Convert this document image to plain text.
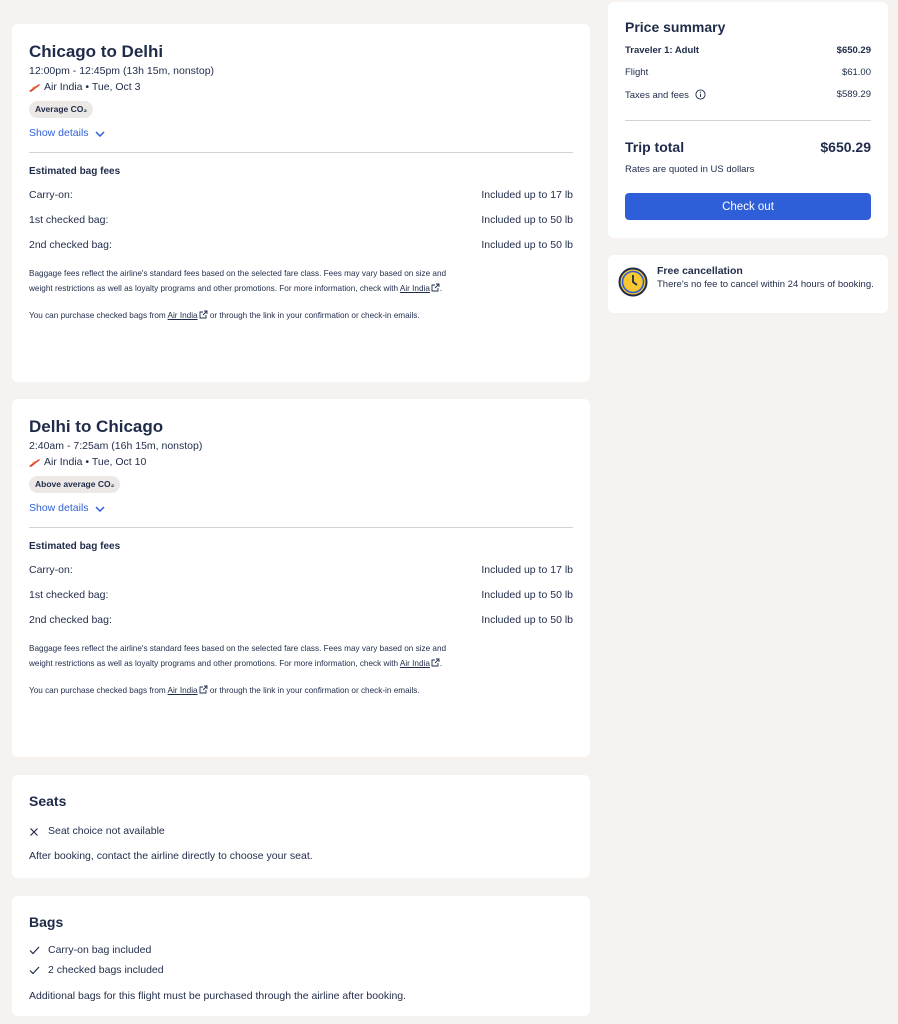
Chicago to Delhi
12:00pm - 12:45pm (13h 15m, nonstop)
Air India • Tue, Oct 3
Average CO₂
Show details
Estimated bag fees
Carry-on:	Included up to 17 lb
1st checked bag:	Included up to 50 lb
2nd checked bag:	Included up to 50 lb
Baggage fees reflect the airline's standard fees based on the selected fare class. Fees may vary based on size and weight restrictions as well as loyalty programs and other promotions. For more information, check with Air India .
You can purchase checked bags from Air India or through the link in your confirmation or check-in emails.
Delhi to Chicago
2:40am - 7:25am (16h 15m, nonstop)
Air India • Tue, Oct 10
Above average CO₂
Show details
Estimated bag fees
Carry-on:	Included up to 17 lb
1st checked bag:	Included up to 50 lb
2nd checked bag:	Included up to 50 lb
Baggage fees reflect the airline's standard fees based on the selected fare class. Fees may vary based on size and weight restrictions as well as loyalty programs and other promotions. For more information, check with Air India .
You can purchase checked bags from Air India or through the link in your confirmation or check-in emails.
Seats
Seat choice not available
After booking, contact the airline directly to choose your seat.
Bags
Carry-on bag included
2 checked bags included
Additional bags for this flight must be purchased through the airline after booking.
Price summary
Traveler 1: Adult	$650.29
Flight	$61.00
Taxes and fees	$589.29
Trip total	$650.29
Rates are quoted in US dollars
Check out
Free cancellation
There's no fee to cancel within 24 hours of booking.
